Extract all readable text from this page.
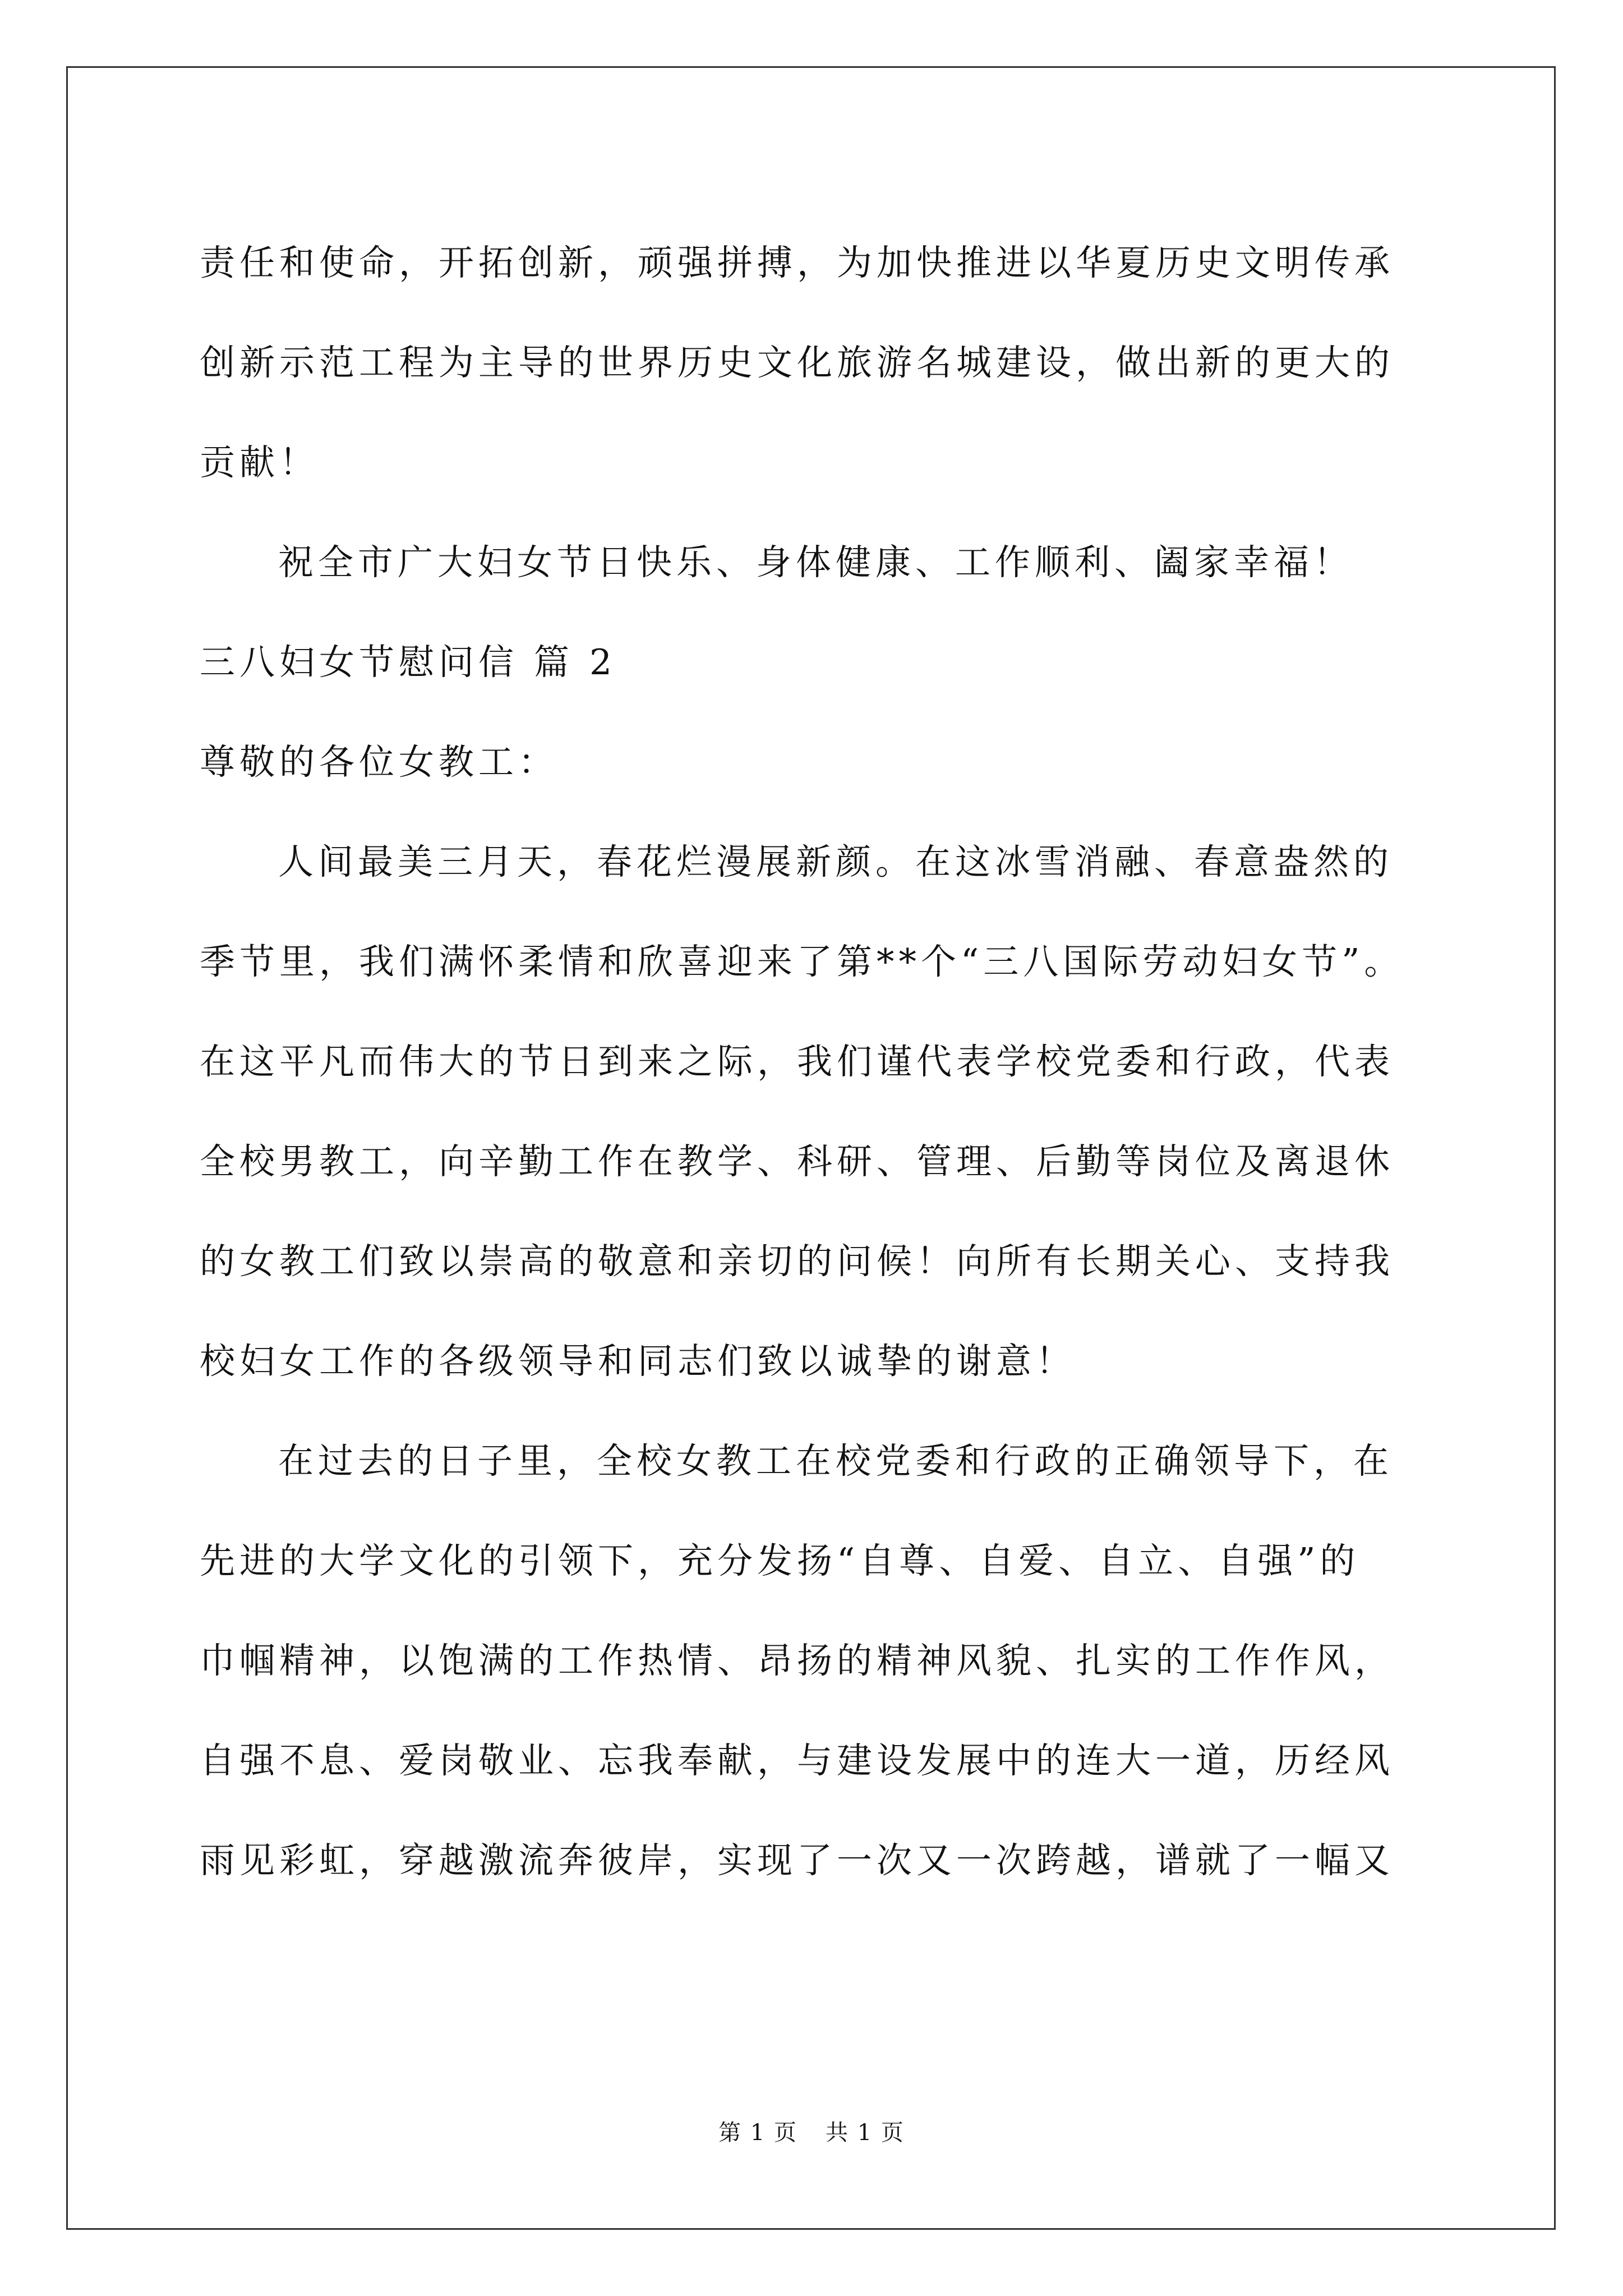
责任和使命，开拓创新，顽强拼搏，为加快推进以华夏历史文明传承
创新示范工程为主导的世界历史文化旅游名城建设，做出新的更大的
贡献！
祝全市广大妇女节日快乐、身体健康、工作顺利、阖家幸福！
三八妇女节慰问信 篇 2
尊敬的各位女教工：
人间最美三月天，春花烂漫展新颜。在这冰雪消融、春意盎然的
季节里，我们满怀柔情和欣喜迎来了第**个“三八国际劳动妇女节”。
在这平凡而伟大的节日到来之际，我们谨代表学校党委和行政，代表
全校男教工，向辛勤工作在教学、科研、管理、后勤等岗位及离退休
的女教工们致以崇高的敬意和亲切的问候！向所有长期关心、支持我
校妇女工作的各级领导和同志们致以诚挚的谢意！
在过去的日子里，全校女教工在校党委和行政的正确领导下，在
先进的大学文化的引领下，充分发扬“自尊、自爱、自立、自强”的
巾帼精神，以饱满的工作热情、昂扬的精神风貌、扎实的工作作风，
自强不息、爱岗敬业、忘我奉献，与建设发展中的连大一道，历经风
雨见彩虹，穿越激流奔彼岸，实现了一次又一次跨越，谱就了一幅又
第 1 页 共 1 页
